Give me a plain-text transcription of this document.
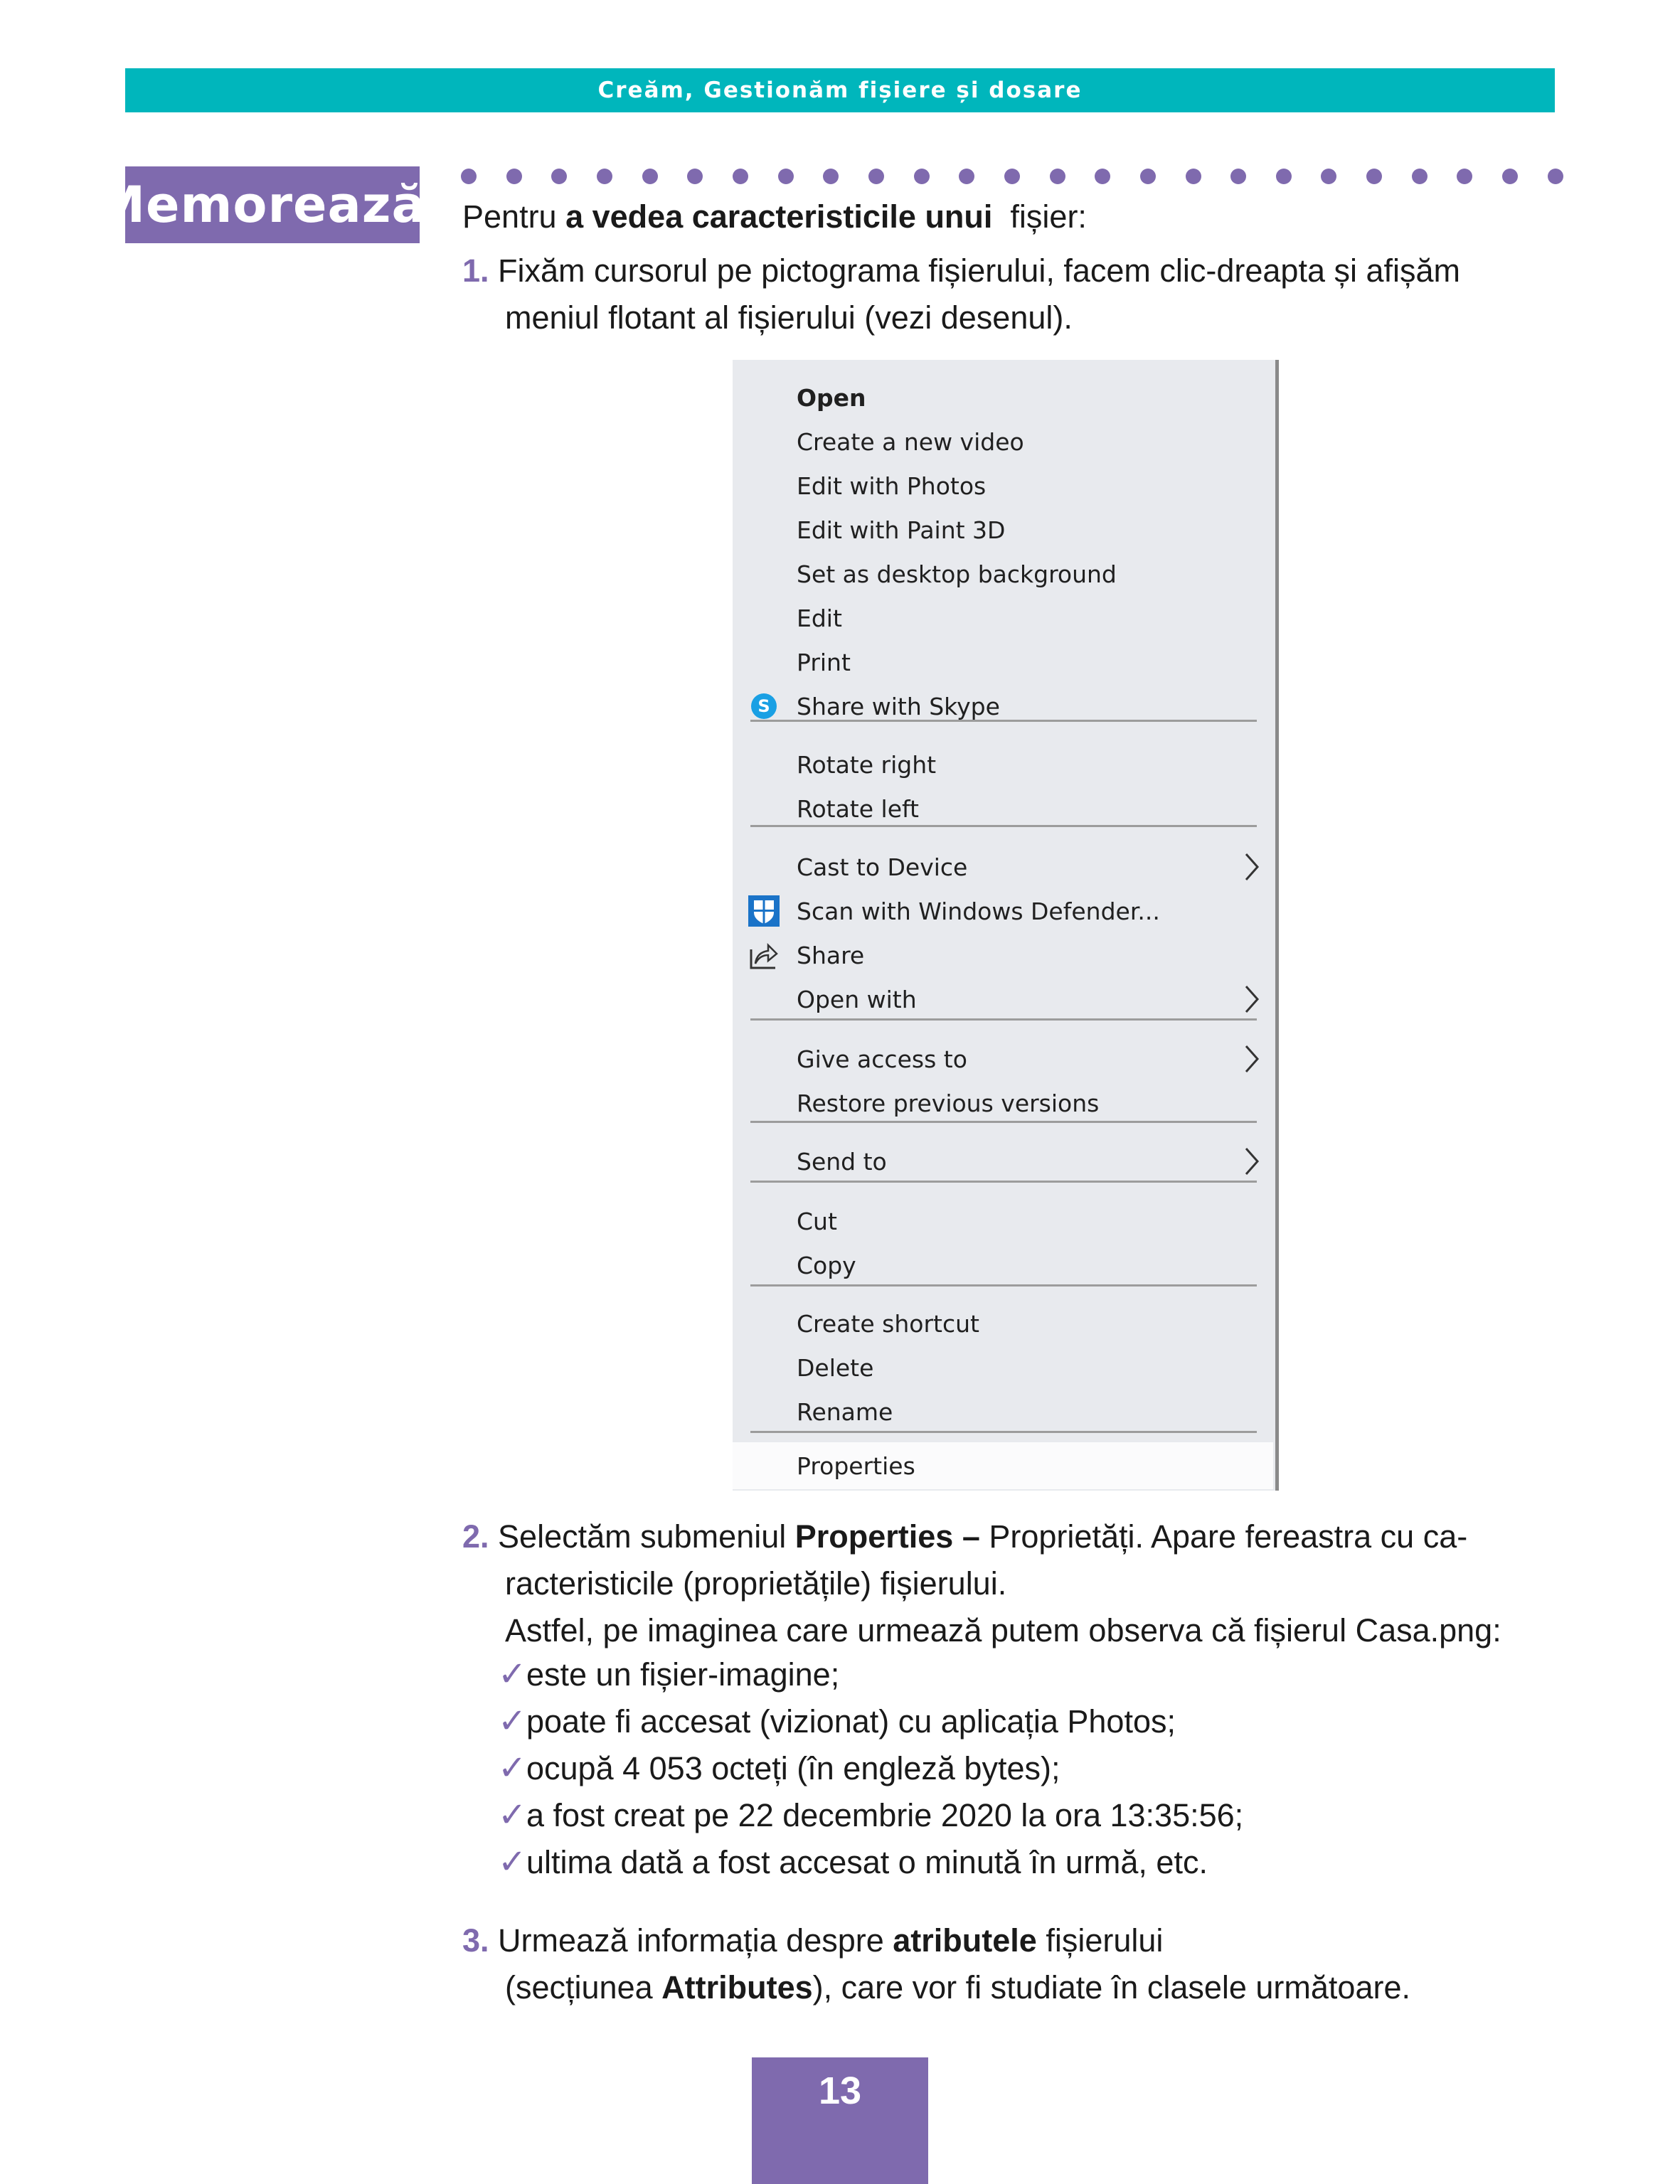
Creăm, Gestionăm fișiere și dosare
Memorează! Pentru a vedea caracteristicile unui  fișier:
1. Fixăm cursorul pe pictograma fișierului, facem clic-dreapta și afișăm
meniul flotant al fișierului (vezi desenul).
Open
Create a new video
Edit with Photos
Edit with Paint 3D
Set as desktop background
Edit
Print
S Share with Skype
Rotate right
Rotate left
Cast to Device
Scan with Windows Defender...
Share
Open with
Give access to
Restore previous versions
Send to
Cut
Copy
Create shortcut
Delete
Rename
Properties
2. Selectăm submeniul Properties – Proprietăți. Apare fereastra cu ca-
racteristicile (proprietățile) fișierului.
Astfel, pe imaginea care urmează putem observa că fișierul Casa.png:
✓ este un fișier-imagine;
✓ poate fi accesat (vizionat) cu aplicația Photos;
✓ ocupă 4 053 octeți (în engleză bytes);
✓ a fost creat pe 22 decembrie 2020 la ora 13:35:56;
✓ ultima dată a fost accesat o minută în urmă, etc.
3. Urmează informația despre atributele fișierului
(secțiunea Attributes), care vor fi studiate în clasele următoare.
13
